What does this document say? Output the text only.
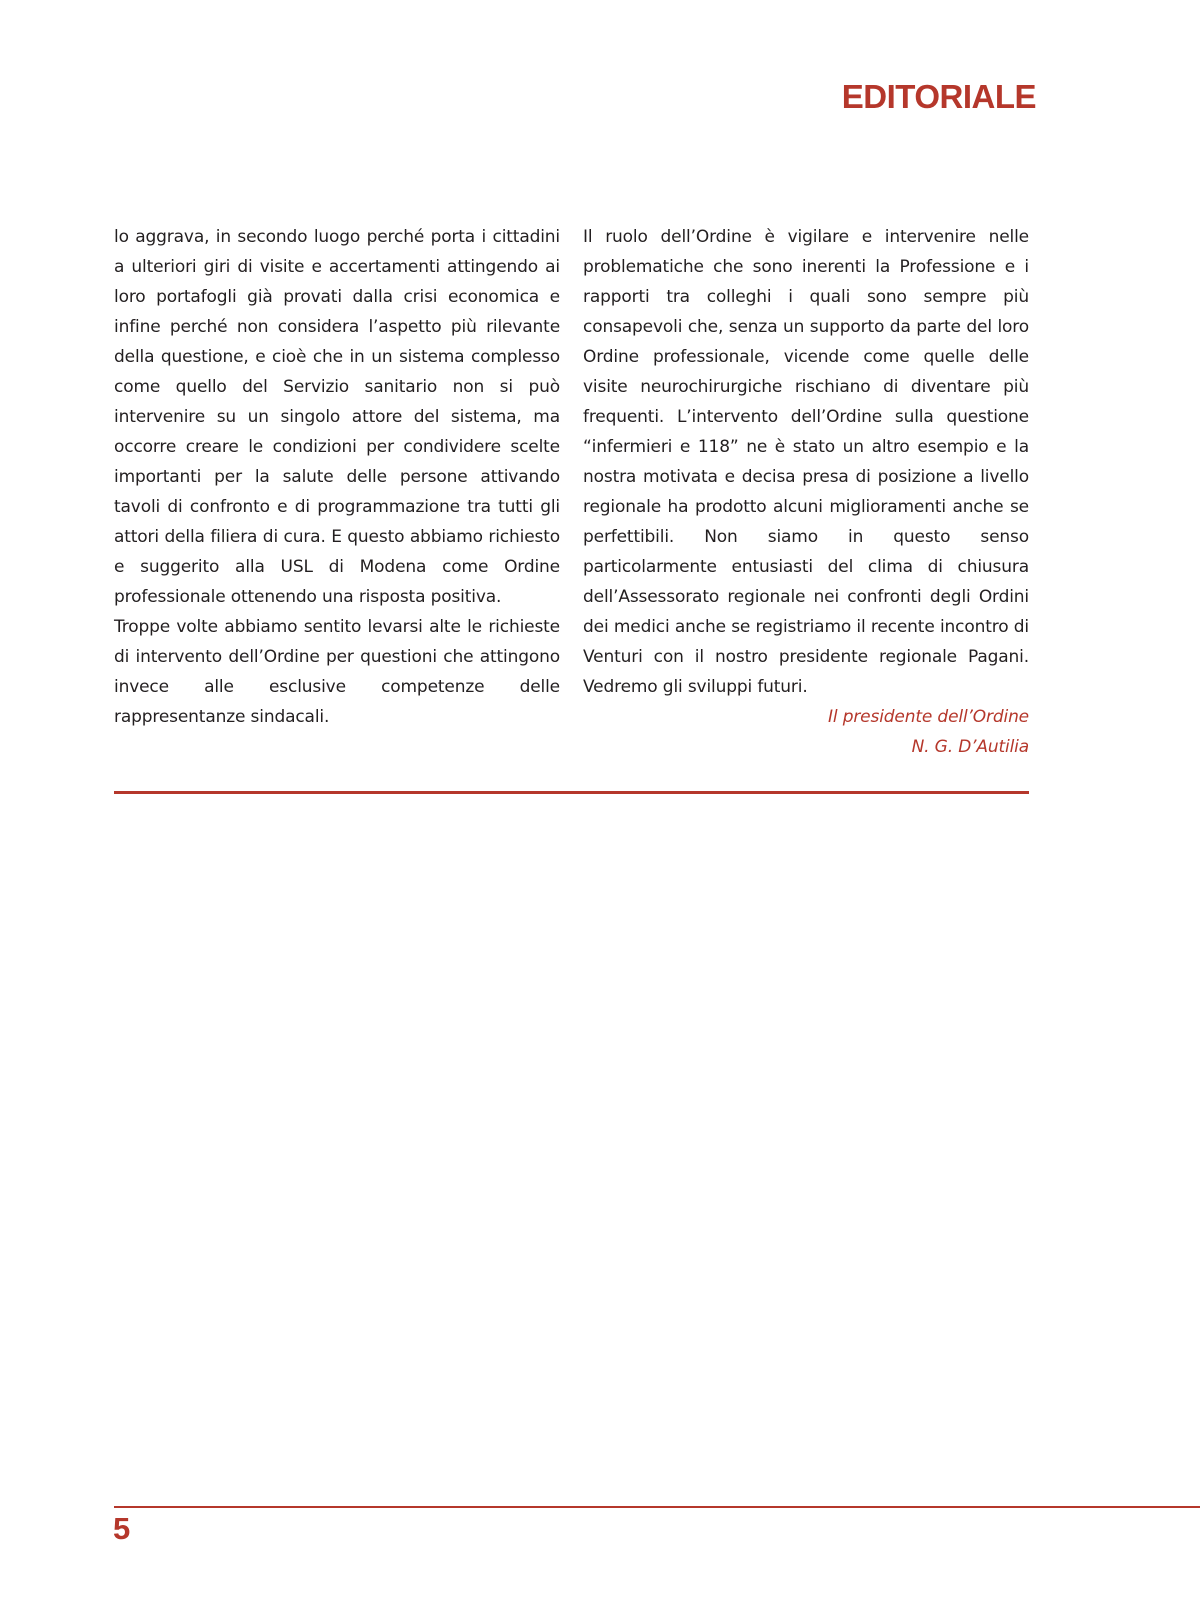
EDITORIALE

lo aggrava, in secondo luogo perché porta i cittadini a ulteriori giri di visite e accertamenti attingendo ai loro portafogli già provati dalla crisi economica e infine perché non considera l’aspetto più rilevante della questione, e cioè che in un sistema complesso come quello del Servizio sanitario non si può intervenire su un singolo attore del sistema, ma occorre creare le condizioni per condividere scelte importanti per la salute delle persone attivando tavoli di confronto e di programmazione tra tutti gli attori della filiera di cura. E questo abbiamo richiesto e suggerito alla USL di Modena come Ordine professionale ottenendo una risposta positiva.

Troppe volte abbiamo sentito levarsi alte le richieste di intervento dell’Ordine per questioni che attingono invece alle esclusive competenze delle rappresentanze sindacali.

Il ruolo dell’Ordine è vigilare e intervenire nelle problematiche che sono inerenti la Professione e i rapporti tra colleghi i quali sono sempre più consapevoli che, senza un supporto da parte del loro Ordine professionale, vicende come quelle delle visite neurochirurgiche rischiano di diventare più frequenti. L’intervento dell’Ordine sulla questione “infermieri e 118” ne è stato un altro esempio e la nostra motivata e decisa presa di posizione a livello regionale ha prodotto alcuni miglioramenti anche se perfettibili. Non siamo in questo senso particolarmente entusiasti del clima di chiusura dell’Assessorato regionale nei confronti degli Ordini dei medici anche se registriamo il recente incontro di Venturi con il nostro presidente regionale Pagani. Vedremo gli sviluppi futuri.

Il presidente dell’Ordine
N. G. D’Autilia
5
